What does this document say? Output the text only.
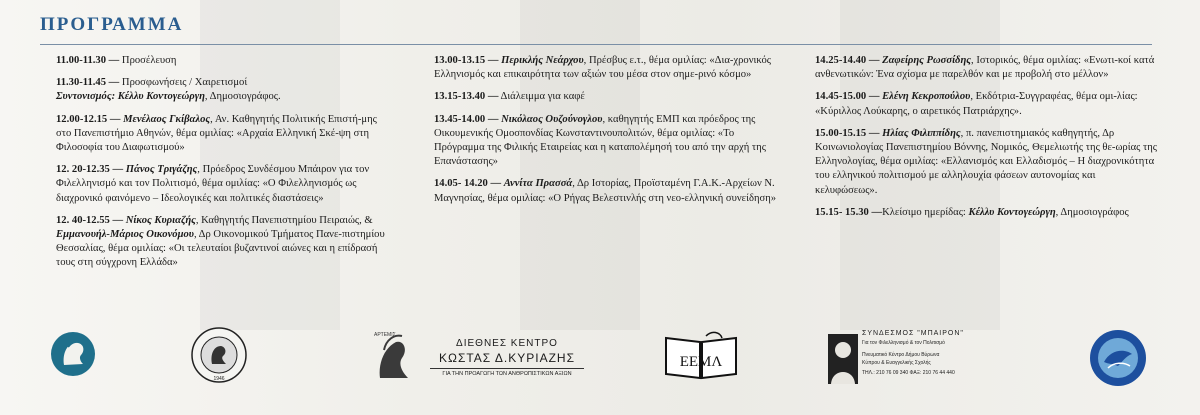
ΠΡΟΓΡΑΜΜΑ
11.00-11.30 — Προσέλευση
11.30-11.45 — Προσφωνήσεις / Χαιρετισμοί
Συντονισμός: Κέλλυ Κοντογεώργη, Δημοσιογράφος.
12.00-12.15 — Μενέλαος Γκίβαλος, Αν. Καθηγητής Πολιτικής Επιστή-μης στο Πανεπιστήμιο Αθηνών, θέμα ομιλίας: «Αρχαία Ελληνική Σκέ-ψη στη Φιλοσοφία του Διαφωτισμού»
12. 20-12.35 — Πάνος Τριγάζης, Πρόεδρος Συνδέσμου Μπάιρον για τον Φιλελληνισμό και τον Πολιτισμό, θέμα ομιλίας: «Ο Φιλελληνισμός ως διαχρονικό φαινόμενο – Ιδεολογικές και πολιτικές διαστάσεις»
12. 40-12.55 — Νίκος Κυριαζής, Καθηγητής Πανεπιστημίου Πειραιώς, & Εμμανουήλ-Μάριος Οικονόμου, Δρ Οικονομικού Τμήματος Πανε-πιστημίου Θεσσαλίας, θέμα ομιλίας: «Οι τελευταίοι βυζαντινοί αιώνες και η επίδρασή τους στη σύγχρονη Ελλάδα»
13.00-13.15 — Περικλής Νεάρχου, Πρέσβυς ε.τ., θέμα ομιλίας: «Δια-χρονικός Ελληνισμός και επικαιρότητα των αξιών του μέσα στον σημε-ρινό κόσμο»
13.15-13.40 — Διάλειμμα για καφέ
13.45-14.00 — Νικόλαος Ουζούνογλου, καθηγητής ΕΜΠ και πρόεδρος της Οικουμενικής Ομοσπονδίας Κωνσταντινουπολιτών, θέμα ομιλίας: «Το Πρόγραμμα της Φιλικής Εταιρείας και η καταπολέμησή του από την αρχή της Επανάστασης»
14.05- 14.20 — Αννίτα Πρασσά, Δρ Ιστορίας, Προϊσταμένη Γ.Α.Κ.-Αρχείων Ν. Μαγνησίας, θέμα ομιλίας: «Ο Ρήγας Βελεστινλής στη νεο-ελληνική συνείδηση»
14.25-14.40 — Ζαφείρης Ρωσσίδης, Ιστορικός, θέμα ομιλίας: «Ενωτι-κοί κατά ανθενωτικών: Ένα σχίσμα με παρελθόν και με προβολή στο μέλλον»
14.45-15.00 — Ελένη Κεκροπούλου, Εκδότρια-Συγγραφέας, θέμα ομι-λίας: «Κύριλλος Λούκαρης, ο αιρετικός Πατριάρχης».
15.00-15.15 — Ηλίας Φιλιππίδης, π. πανεπιστημιακός καθηγητής, Δρ Κοινωνιολογίας Πανεπιστημίου Βόννης, Νομικός, Θεμελιωτής της θε-ωρίας της Ελληνολογίας, θέμα ομιλίας: «Ελλανισμός και Ελλαδισμός – Η διαχρονικότητα του ελληνικού πολιτισμού με αλληλουχία φάσεων αυτονομίας και κελυφώσεως».
15.15- 15.30 —Κλείσιμο ημερίδας: Κέλλυ Κοντογεώργη, Δημοσιογράφος
1946
ΑΡΤΕΜΙΣ
ΔΙΕΘΝΕΣ ΚΕΝΤΡΟ
ΚΩΣΤΑΣ Δ.ΚΥΡΙΑΖΗΣ
ΓΙΑ ΤΗΝ ΠΡΟΑΓΩΓΗ ΤΩΝ ΑΝΘΡΩΠΙΣΤΙΚΩΝ ΑΞΙΩΝ
ΕΕΜΛ
ΣΥΝΔΕΣΜΟΣ "ΜΠΑΙΡΟΝ"
Για τον Φιλελληνισμό & τον Πολιτισμό
Πνευματικό Κέντρο Δήμου Βύρωνα
Κύπρου & Ευαγγελικής Σχολής
ΤΗΛ.: 210 76 09 340 ΦΑΞ: 210 76 44 440
